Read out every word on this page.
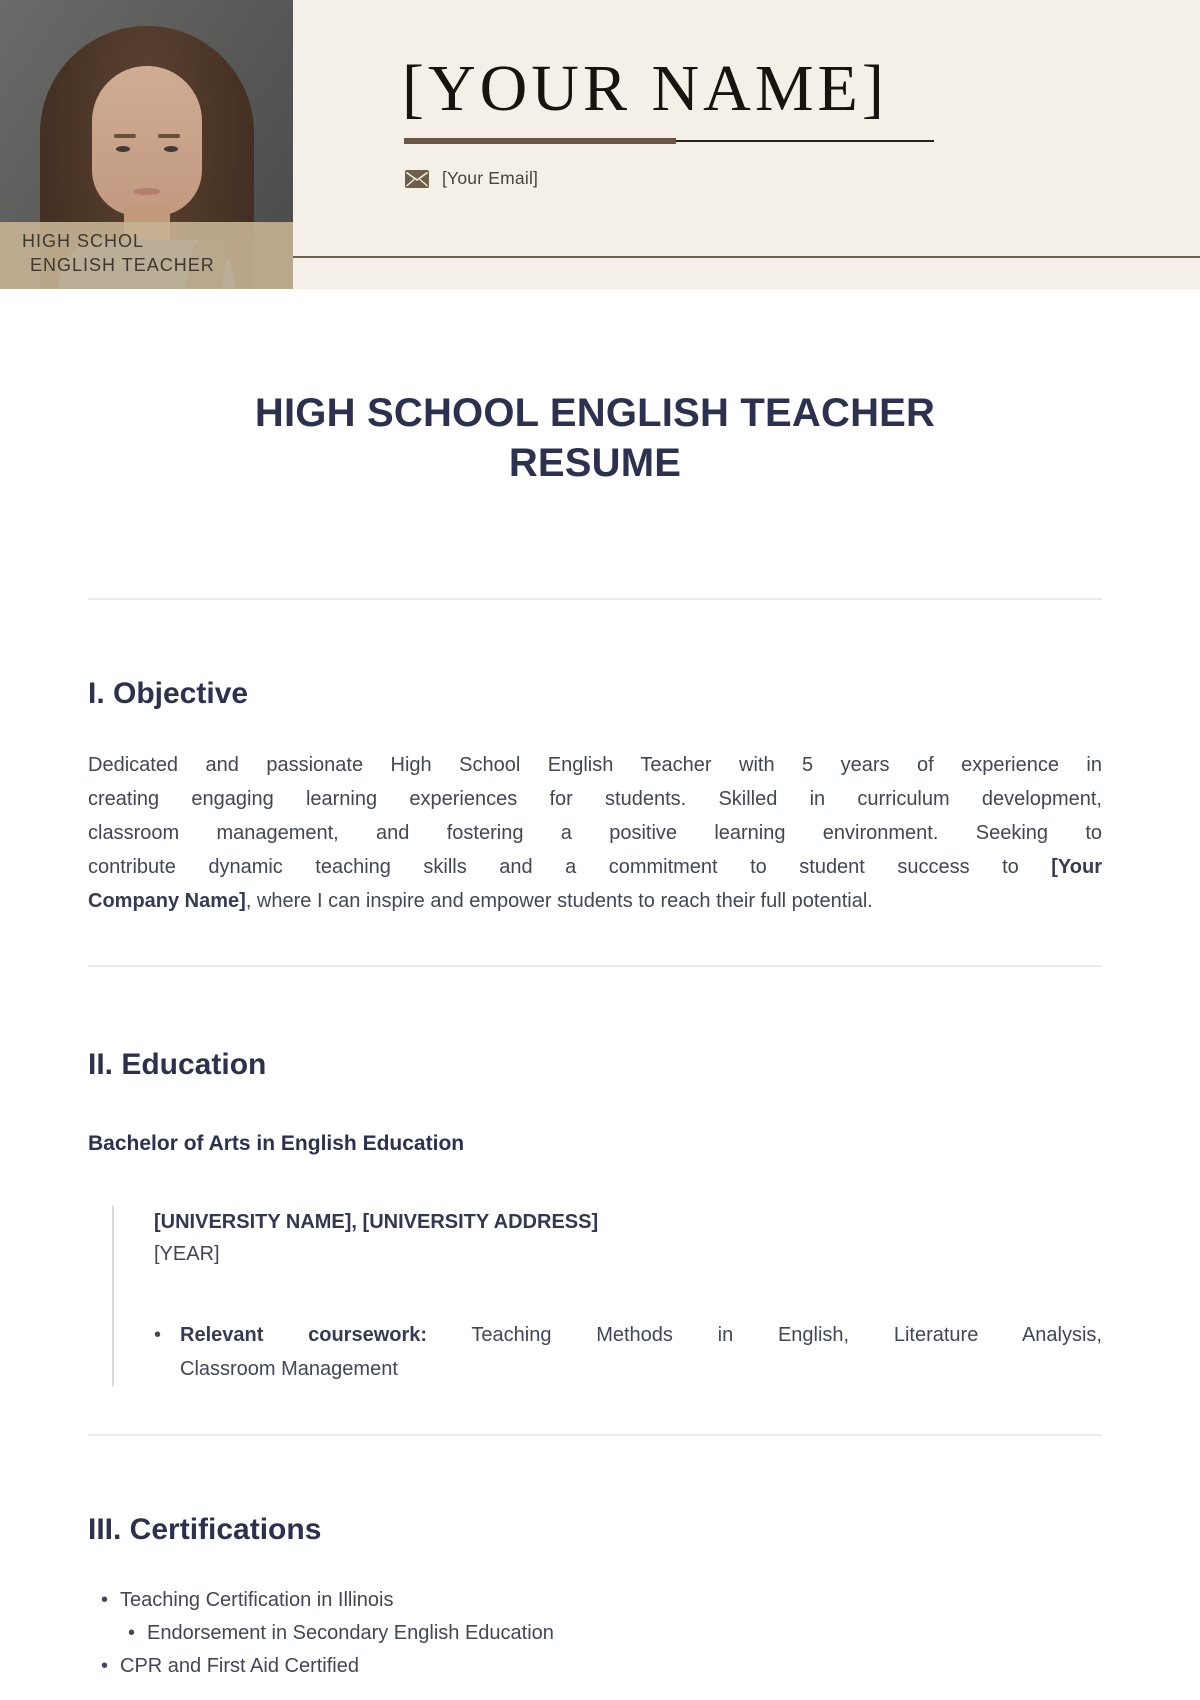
HIGH SCHOL
ENGLISH TEACHER
[YOUR NAME]
[Your Email]
HIGH SCHOOL ENGLISH TEACHER
RESUME
I. Objective
Dedicated and passionate High School English Teacher with 5 years of experience in
creating engaging learning experiences for students. Skilled in curriculum development,
classroom management, and fostering a positive learning environment. Seeking to
contribute dynamic teaching skills and a commitment to student success to [Your
Company Name], where I can inspire and empower students to reach their full potential.
II. Education
Bachelor of Arts in English Education
[UNIVERSITY NAME], [UNIVERSITY ADDRESS]
[YEAR]
•
Relevant coursework: Teaching Methods in English, Literature Analysis,
Classroom Management
III. Certifications
•
Teaching Certification in Illinois
•
Endorsement in Secondary English Education
•
CPR and First Aid Certified
